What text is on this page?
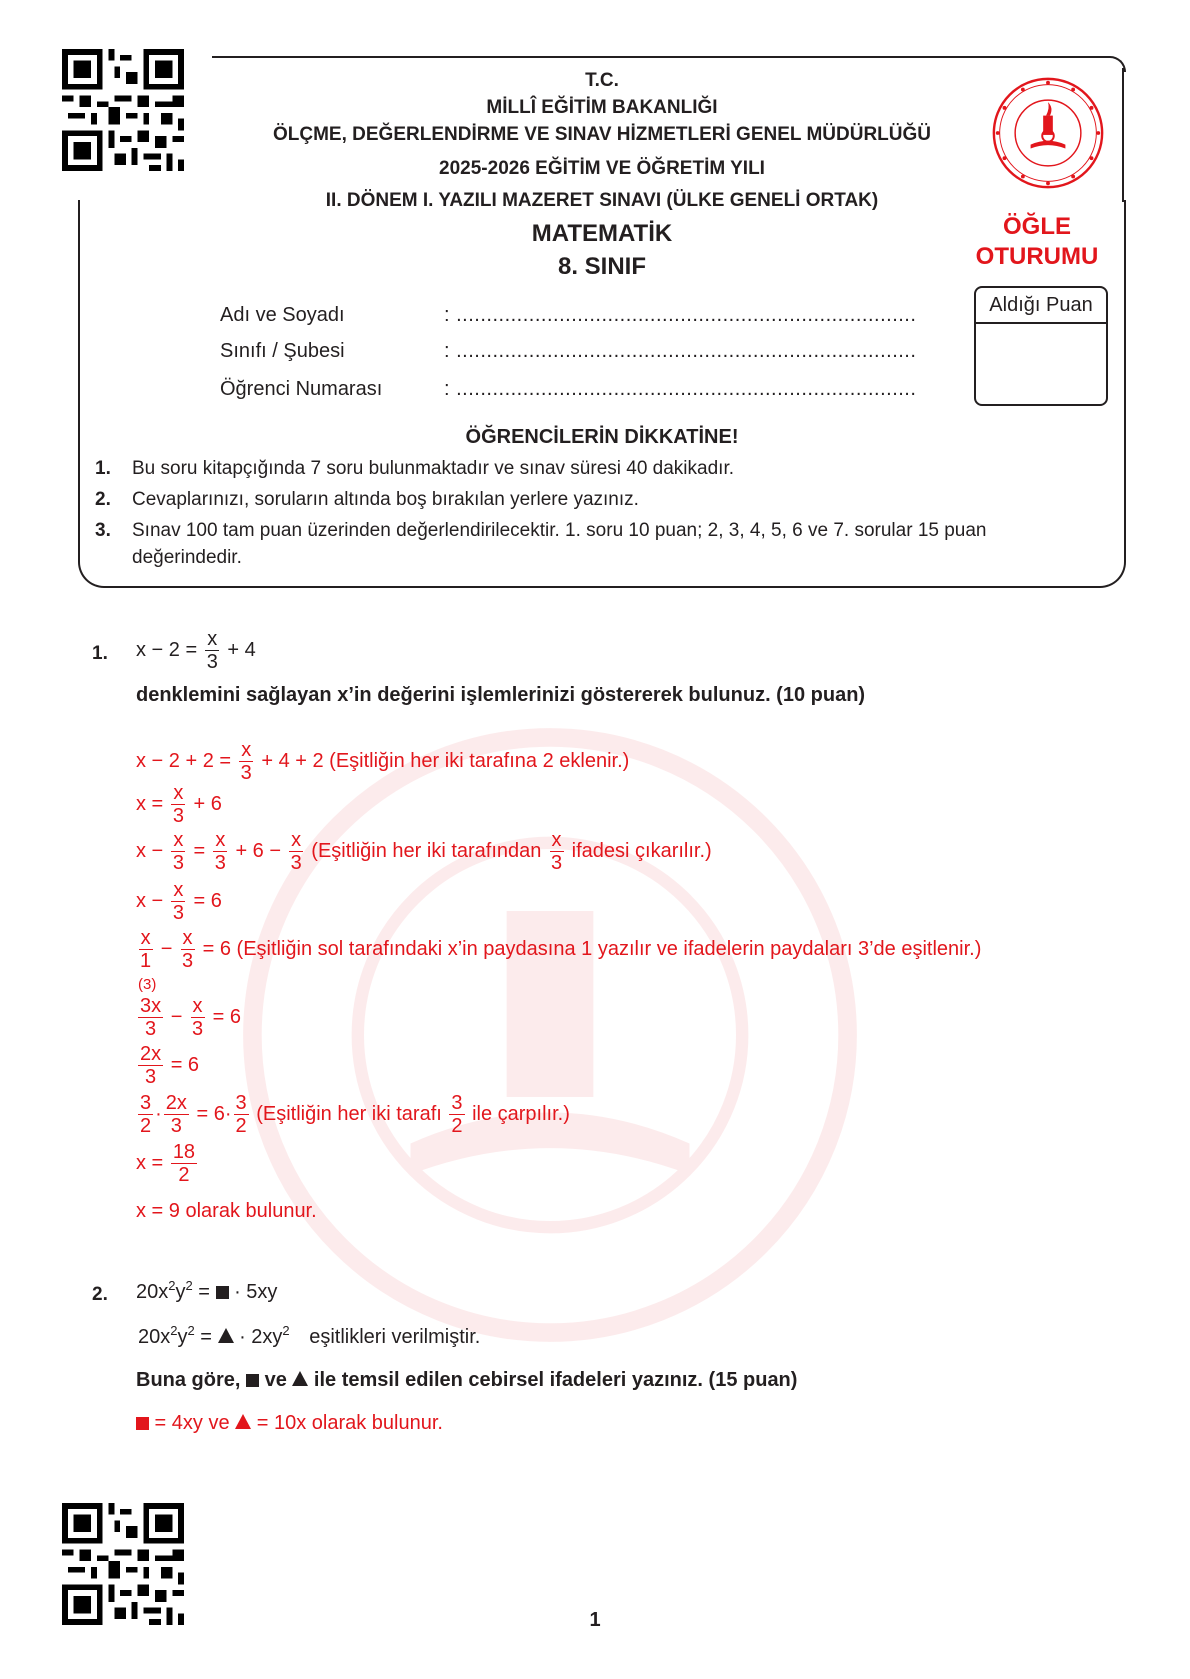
T.C.
MİLLÎ EĞİTİM BAKANLIĞI
ÖLÇME, DEĞERLENDİRME VE SINAV HİZMETLERİ GENEL MÜDÜRLÜĞÜ
2025-2026 EĞİTİM VE ÖĞRETİM YILI
II. DÖNEM I. YAZILI MAZERET SINAVI (ÜLKE GENELİ ORTAK)
MATEMATİK
8. SINIF
ÖĞLE
OTURUMU
Aldığı Puan
Adı ve Soyadı	: ............................................................................
Sınıfı / Şubesi	: ............................................................................
Öğrenci Numarası	: ............................................................................
ÖĞRENCİLERİN DİKKATİNE!
1. Bu soru kitapçığında 7 soru bulunmaktadır ve sınav süresi 40 dakikadır.
2. Cevaplarınızı, soruların altında boş bırakılan yerlere yazınız.
3. Sınav 100 tam puan üzerinden değerlendirilecektir. 1. soru 10 puan; 2, 3, 4, 5, 6 ve 7. sorular 15 puan değerindedir.
1. $x - 2 = \frac{x}{3} + 4$
denklemini sağlayan x’in değerini işlemlerinizi göstererek bulunuz. (10 puan)
$x - 2 + 2 = \frac{x}{3} + 4 + 2$ (Eşitliğin her iki tarafına 2 eklenir.)
$x = \frac{x}{3} + 6$
$x - \frac{x}{3} = \frac{x}{3} + 6 - \frac{x}{3}$ (Eşitliğin her iki tarafından $\frac{x}{3}$ ifadesi çıkarılır.)
$x - \frac{x}{3} = 6$
$\frac{x}{1} - \frac{x}{3} = 6$ (Eşitliğin sol tarafındaki x’in paydasına 1 yazılır ve ifadelerin paydaları 3’de eşitlenir.)
(3)
$\frac{3x}{3} - \frac{x}{3} = 6$
$\frac{2x}{3} = 6$
$\frac{3}{2} \cdot \frac{2x}{3} = 6\cdot \frac{3}{2}$ (Eşitliğin her iki tarafı $\frac{3}{2}$ ile çarpılır.)
$x = \frac{18}{2}$
x = 9 olarak bulunur.
2. $20x^2y^2$ =  · 5xy
$20x^2y^2$ =  · $2xy^2$ eşitlikleri verilmiştir.
Buna göre,  ve  ile temsil edilen cebirsel ifadeleri yazınız. (15 puan)
= 4xy ve  = 10x olarak bulunur.
1
